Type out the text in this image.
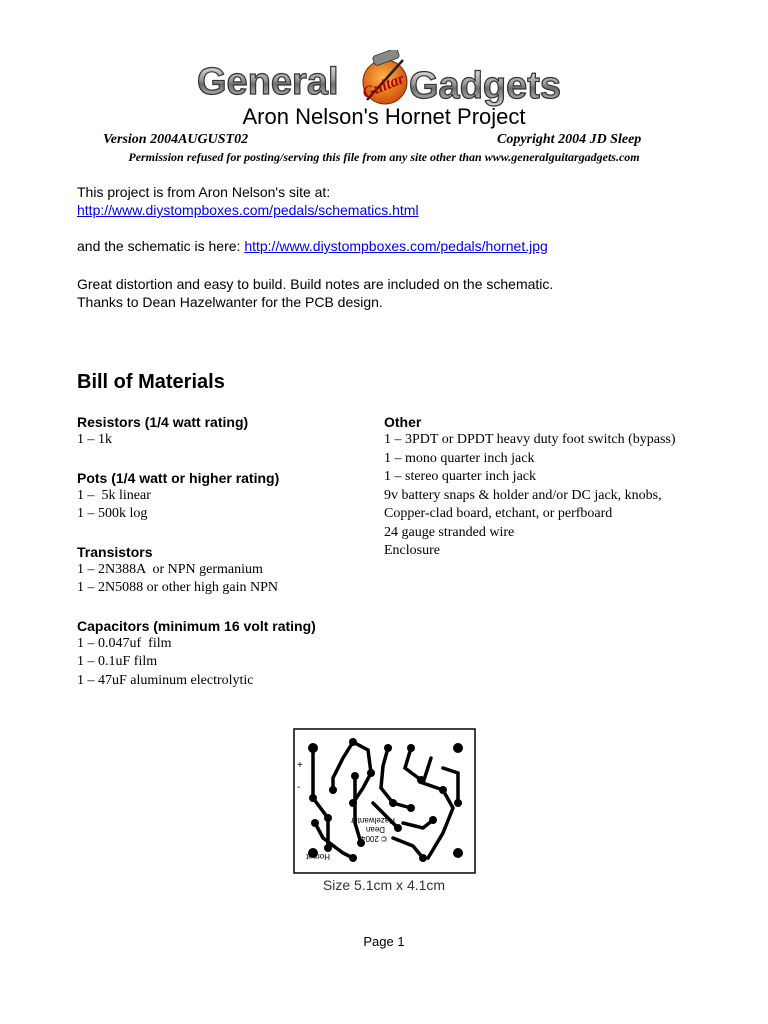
General Guitar Gadgets
Aron Nelson's Hornet Project
Version 2004AUGUST02	Copyright 2004 JD Sleep
Permission refused for posting/serving this file from any site other than www.generalguitargadgets.com
This project is from Aron Nelson's site at:
http://www.diystompboxes.com/pedals/schematics.html
and the schematic is here: http://www.diystompboxes.com/pedals/hornet.jpg
Great distortion and easy to build. Build notes are included on the schematic.
Thanks to Dean Hazelwanter for the PCB design.
Bill of Materials
Resistors (1/4 watt rating)
1 – 1k
Pots (1/4 watt or higher rating)
1 –  5k linear
1 – 500k log
Transistors
1 – 2N388A  or NPN germanium
1 – 2N5088 or other high gain NPN
Capacitors (minimum 16 volt rating)
1 – 0.047uf  film
1 – 0.1uF film
1 – 47uF aluminum electrolytic
Other
1 – 3PDT or DPDT heavy duty foot switch (bypass)
1 – mono quarter inch jack
1 – stereo quarter inch jack
9v battery snaps & holder and/or DC jack, knobs, Copper-clad board, etchant, or perfboard
24 gauge stranded wire
Enclosure
+
-
Hornet
© 2004
Dean
Hazelwanter
Size 5.1cm x 4.1cm
Page 1
